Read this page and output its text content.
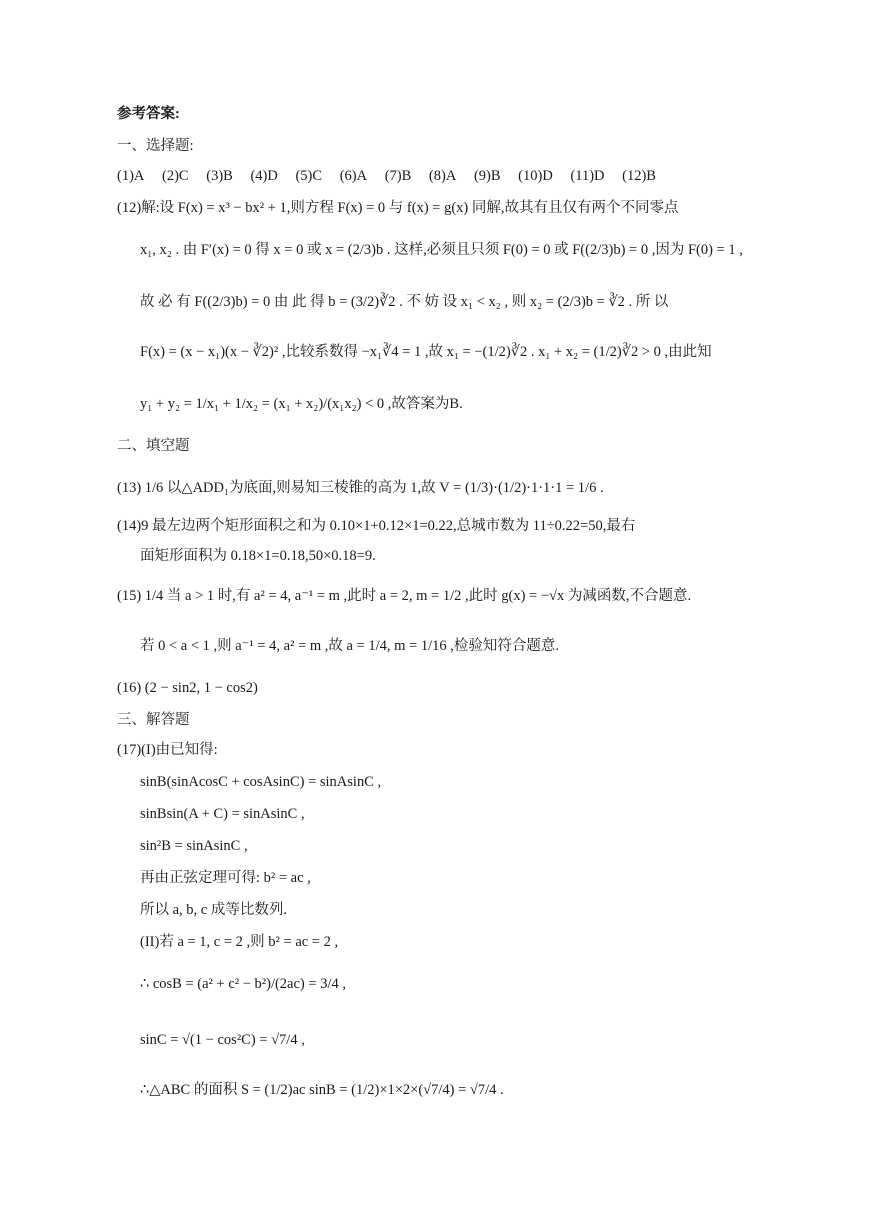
参考答案:
一、选择题:
(1)A (2)C (3)B (4)D (5)C (6)A (7)B (8)A (9)B (10)D (11)D (12)B
(12)解:设 F(x) = x³ − bx² + 1,则方程 F(x) = 0 与 f(x) = g(x) 同解,故其有且仅有两个不同零点
x₁, x₂ . 由 F′(x) = 0 得 x = 0 或 x = (2/3)b . 这样,必须且只须 F(0) = 0 或 F((2/3)b) = 0 ,因为 F(0) = 1 ,
故 必 有 F((2/3)b) = 0 由 此 得 b = (3/2)∛2 . 不 妨 设 x₁ < x₂ , 则 x₂ = (2/3)b = ∛2 . 所 以
F(x) = (x − x₁)(x − ∛2)² ,比较系数得 −x₁∛4 = 1 ,故 x₁ = −(1/2)∛2 . x₁ + x₂ = (1/2)∛2 > 0 ,由此知
y₁ + y₂ = 1/x₁ + 1/x₂ = (x₁ + x₂)/(x₁x₂) < 0 ,故答案为B.
二、填空题
(13) 1/6 以△ADD₁为底面,则易知三棱锥的高为 1,故 V = (1/3)·(1/2)·1·1·1 = 1/6 .
(14)9 最左边两个矩形面积之和为 0.10×1+0.12×1=0.22,总城市数为 11÷0.22=50,最右
面矩形面积为 0.18×1=0.18,50×0.18=9.
(15) 1/4 当 a > 1 时,有 a² = 4, a⁻¹ = m ,此时 a = 2, m = 1/2 ,此时 g(x) = −√x 为减函数,不合题意.
若 0 < a < 1 ,则 a⁻¹ = 4, a² = m ,故 a = 1/4, m = 1/16 ,检验知符合题意.
(16) (2 − sin2, 1 − cos2)
三、解答题
(17)(I)由已知得:
sinB(sinAcosC + cosAsinC) = sinAsinC ,
sinBsin(A + C) = sinAsinC ,
sin²B = sinAsinC ,
再由正弦定理可得: b² = ac ,
所以 a, b, c 成等比数列.
(II)若 a = 1, c = 2 ,则 b² = ac = 2 ,
∴ cosB = (a² + c² − b²)/(2ac) = 3/4 ,
sinC = √(1 − cos²C) = √7/4 ,
∴△ABC 的面积 S = (1/2)ac sinB = (1/2)×1×2×(√7/4) = √7/4 .
